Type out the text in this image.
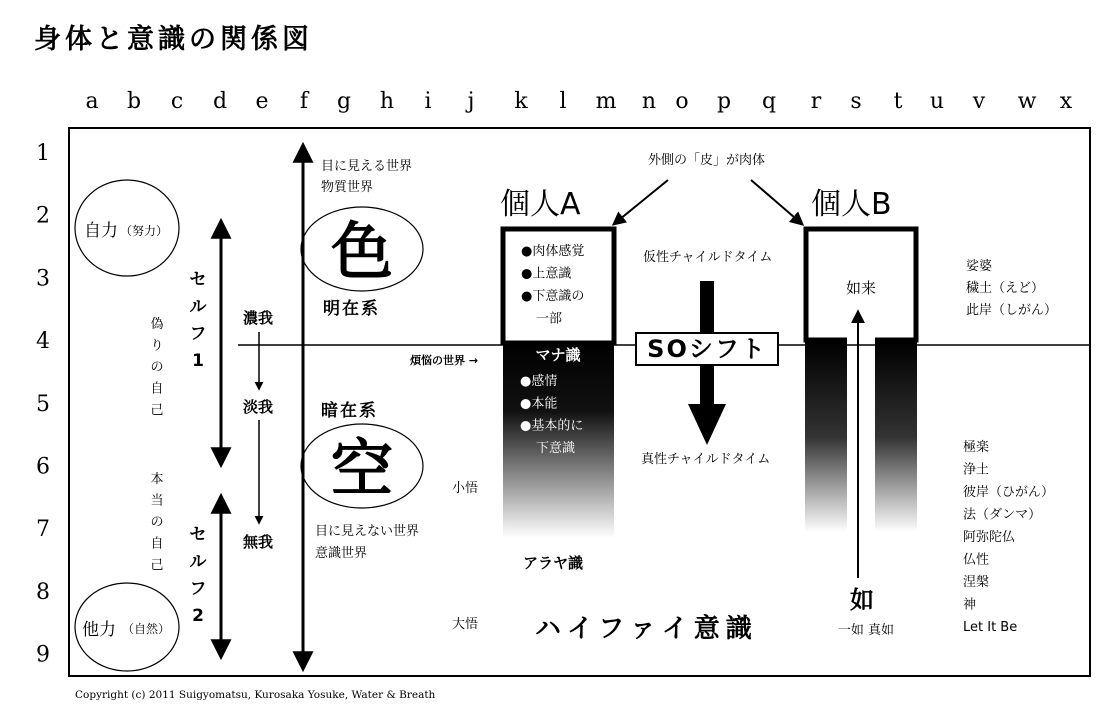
身体と意識の関係図
a b c d e f g h i j k l m n o p q r s t u v w x
1
2
3
4
5
6
7
8
9
自力 （努力）
他力 （自然）
偽
り
の
自
己
本
当
の
自
己
セ
ル
フ
1
セ
ル
フ
2
濃我
淡我
無我
目に見える世界
物質世界
色
明在系
暗在系
空
目に見えない世界
意識世界
煩悩の世界 →
小悟
大悟
個人A
●肉体感覚
●上意識
●下意識の
一部
マナ識
●感情
●本能
●基本的に
下意識
アラヤ識
外側の「皮」が肉体
仮性チャイルドタイム
SOシフト
真性チャイルドタイム
ハイファイ意識
個人B
如来
如
一如 真如
娑婆
穢土（えど）
此岸（しがん）
極楽
浄土
彼岸（ひがん）
法（ダンマ）
阿弥陀仏
仏性
涅槃
神
Let It Be
Copyright (c) 2011 Suigyomatsu, Kurosaka Yosuke, Water & Breath
